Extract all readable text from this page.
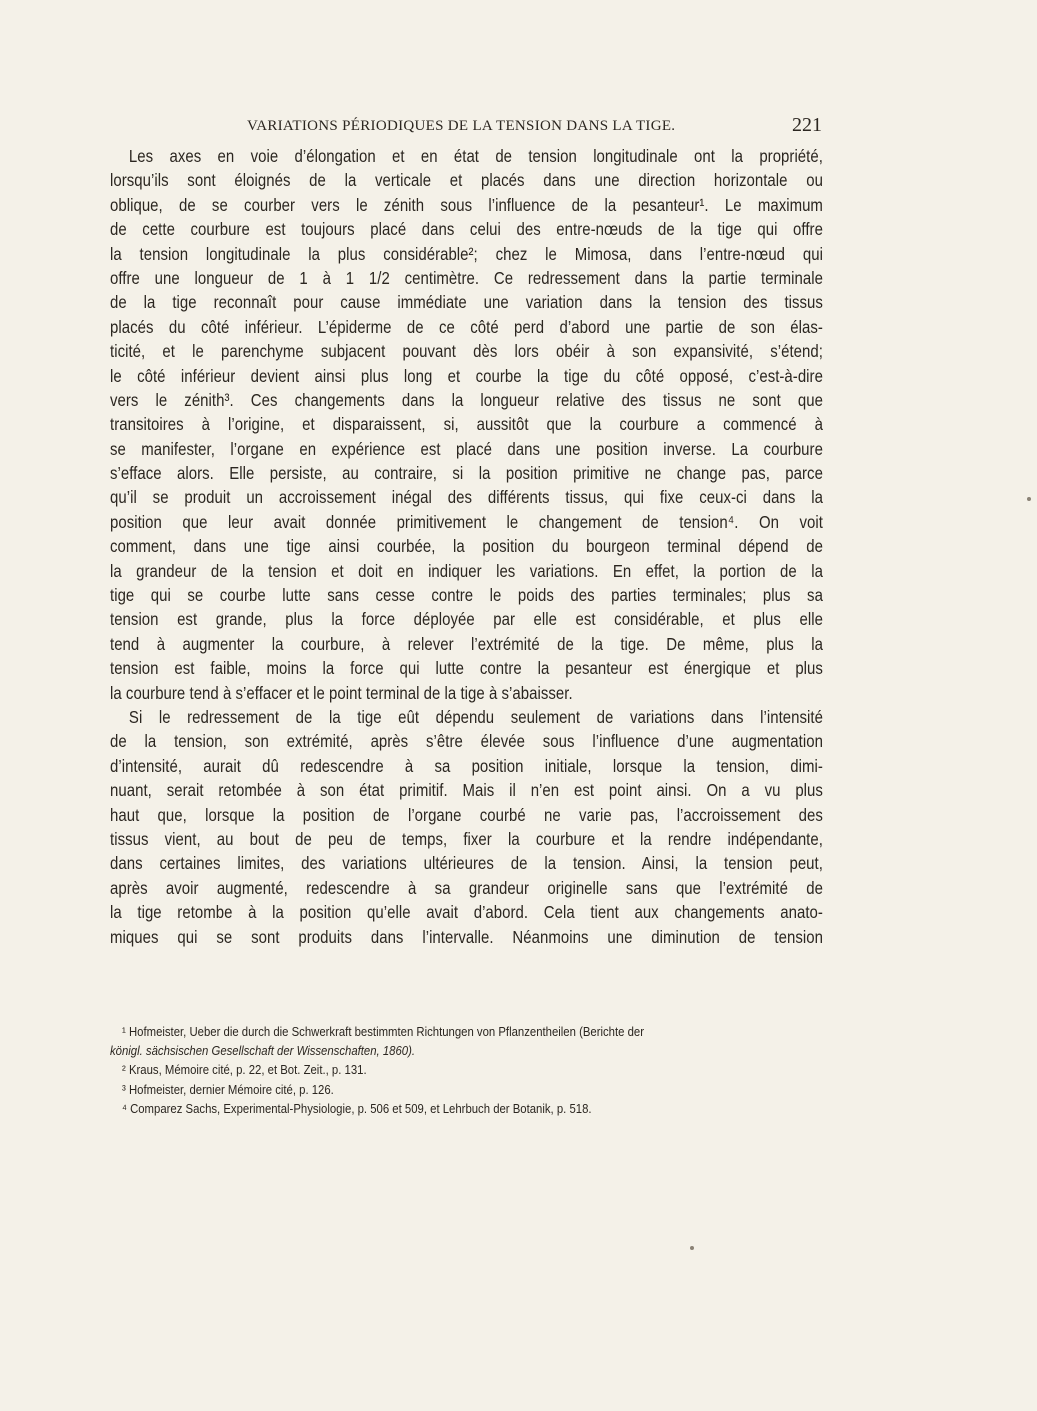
VARIATIONS PÉRIODIQUES DE LA TENSION DANS LA TIGE.	221
Les axes en voie d’élongation et en état de tension longitudinale ont la propriété,
lorsqu’ils sont éloignés de la verticale et placés dans une direction horizontale ou
oblique, de se courber vers le zénith sous l’influence de la pesanteur¹. Le maximum
de cette courbure est toujours placé dans celui des entre-nœuds de la tige qui offre
la tension longitudinale la plus considérable²; chez le Mimosa, dans l’entre-nœud qui
offre une longueur de 1 à 1 1/2 centimètre. Ce redressement dans la partie terminale
de la tige reconnaît pour cause immédiate une variation dans la tension des tissus
placés du côté inférieur. L’épiderme de ce côté perd d’abord une partie de son élas-
ticité, et le parenchyme subjacent pouvant dès lors obéir à son expansivité, s’étend;
le côté inférieur devient ainsi plus long et courbe la tige du côté opposé, c’est-à-dire
vers le zénith³. Ces changements dans la longueur relative des tissus ne sont que
transitoires à l’origine, et disparaissent, si, aussitôt que la courbure a commencé à
se manifester, l’organe en expérience est placé dans une position inverse. La courbure
s’efface alors. Elle persiste, au contraire, si la position primitive ne change pas, parce
qu’il se produit un accroissement inégal des différents tissus, qui fixe ceux-ci dans la
position que leur avait donnée primitivement le changement de tension⁴. On voit
comment, dans une tige ainsi courbée, la position du bourgeon terminal dépend de
la grandeur de la tension et doit en indiquer les variations. En effet, la portion de la
tige qui se courbe lutte sans cesse contre le poids des parties terminales; plus sa
tension est grande, plus la force déployée par elle est considérable, et plus elle
tend à augmenter la courbure, à relever l’extrémité de la tige. De même, plus la
tension est faible, moins la force qui lutte contre la pesanteur est énergique et plus
la courbure tend à s’effacer et le point terminal de la tige à s’abaisser.
Si le redressement de la tige eût dépendu seulement de variations dans l’intensité
de la tension, son extrémité, après s’être élevée sous l’influence d’une augmentation
d’intensité, aurait dû redescendre à sa position initiale, lorsque la tension, dimi-
nuant, serait retombée à son état primitif. Mais il n’en est point ainsi. On a vu plus
haut que, lorsque la position de l’organe courbé ne varie pas, l’accroissement des
tissus vient, au bout de peu de temps, fixer la courbure et la rendre indépendante,
dans certaines limites, des variations ultérieures de la tension. Ainsi, la tension peut,
après avoir augmenté, redescendre à sa grandeur originelle sans que l’extrémité de
la tige retombe à la position qu’elle avait d’abord. Cela tient aux changements anato-
miques qui se sont produits dans l’intervalle. Néanmoins une diminution de tension
¹ Hofmeister, Ueber die durch die Schwerkraft bestimmten Richtungen von Pflanzentheilen (Berichte der
königl. sächsischen Gesellschaft der Wissenschaften, 1860).
² Kraus, Mémoire cité, p. 22, et Bot. Zeit., p. 131.
³ Hofmeister, dernier Mémoire cité, p. 126.
⁴ Comparez Sachs, Experimental-Physiologie, p. 506 et 509, et Lehrbuch der Botanik, p. 518.
